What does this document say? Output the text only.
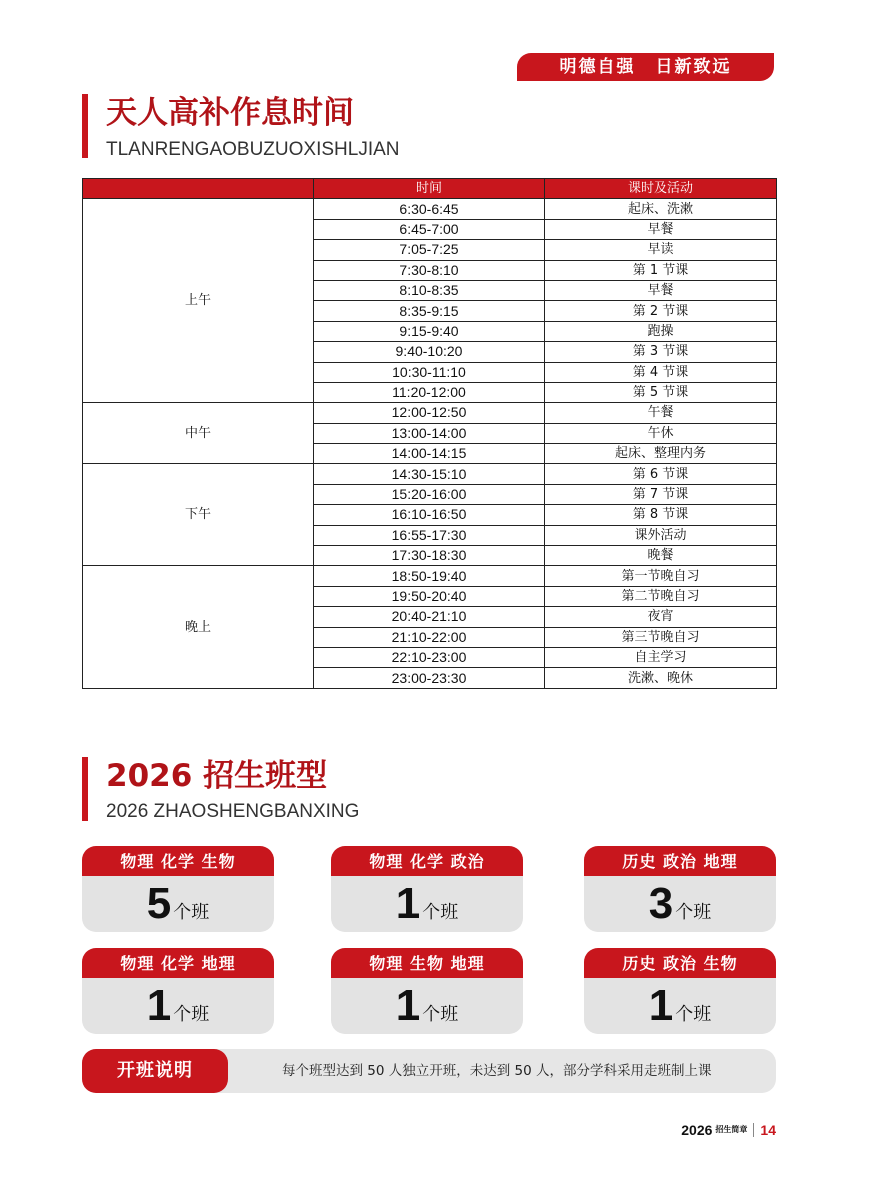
明德自强 日新致远
天人高补作息时间
TLANRENGAOBUZUOXISHLJIAN
	时间	课时及活动
上午	6:30-6:45	起床、洗漱
	6:45-7:00	早餐
	7:05-7:25	早读
	7:30-8:10	第 1 节课
	8:10-8:35	早餐
	8:35-9:15	第 2 节课
	9:15-9:40	跑操
	9:40-10:20	第 3 节课
	10:30-11:10	第 4 节课
	11:20-12:00	第 5 节课
中午	12:00-12:50	午餐
	13:00-14:00	午休
	14:00-14:15	起床、整理内务
下午	14:30-15:10	第 6 节课
	15:20-16:00	第 7 节课
	16:10-16:50	第 8 节课
	16:55-17:30	课外活动
	17:30-18:30	晚餐
晚上	18:50-19:40	第一节晚自习
	19:50-20:40	第二节晚自习
	20:40-21:10	夜宵
	21:10-22:00	第三节晚自习
	22:10-23:00	自主学习
	23:00-23:30	洗漱、晚休
2026 招生班型
2026 ZHAOSHENGBANXING
物理 化学 生物
5 个班
物理 化学 政治
1 个班
历史 政治 地理
3 个班
物理 化学 地理
1 个班
物理 生物 地理
1 个班
历史 政治 生物
1 个班
开班说明	每个班型达到 50 人独立开班，未达到 50 人，部分学科采用走班制上课
2026 招生简章 14
